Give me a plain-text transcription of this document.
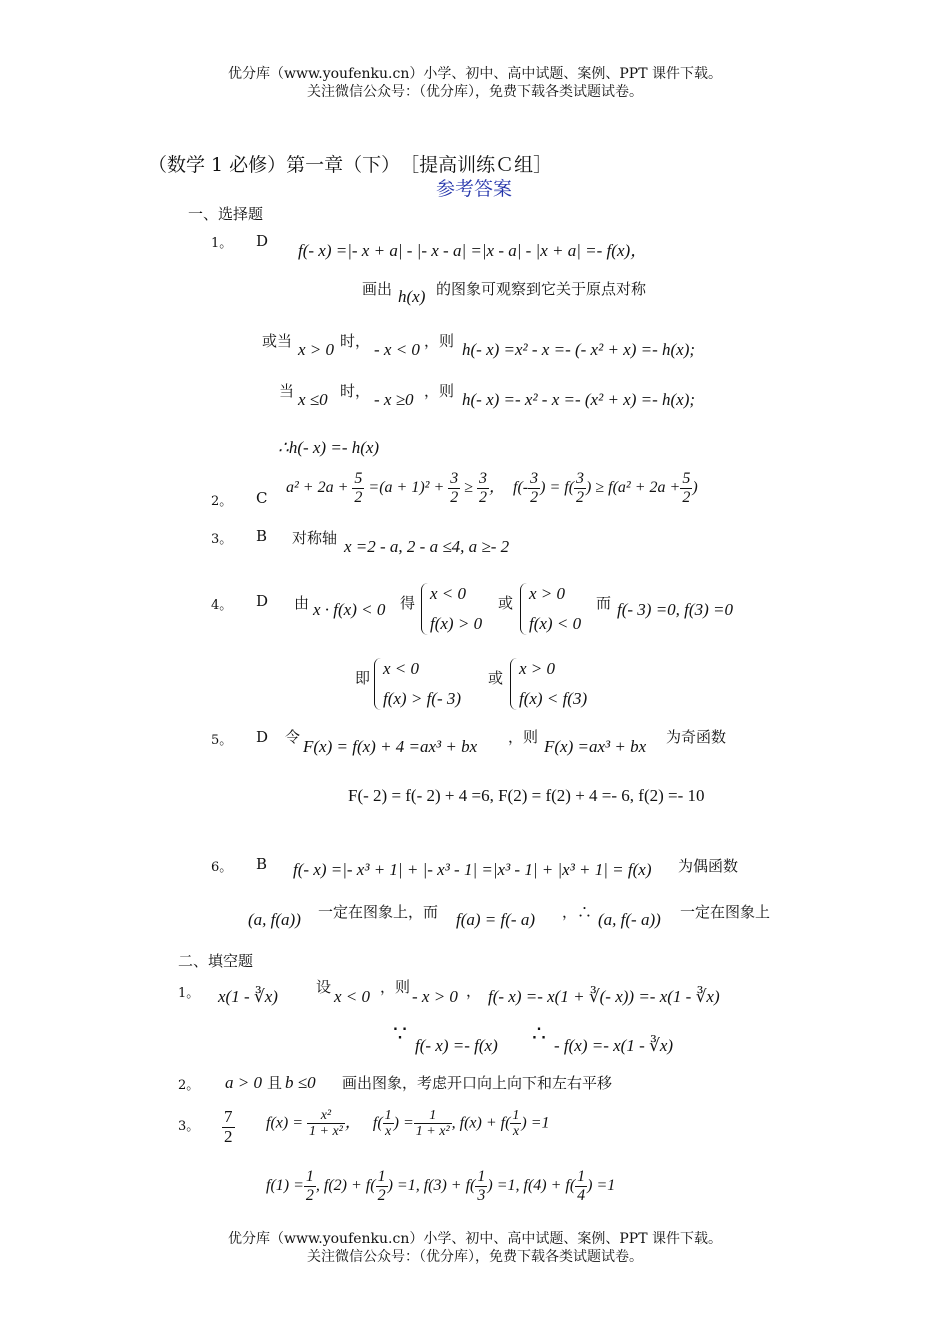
优分库（www.youfenku.cn）小学、初中、高中试题、案例、PPT 课件下载。
关注微信公众号：（优分库），免费下载各类试题试卷。
（数学 1 必修）第一章（下）　［提高训练Ｃ组］
参考答案
一、选择题
1。 D f(- x) =|- x + a| - |- x - a| =|x - a| - |x + a| =- f(x)，
画出 h(x) 的图象可观察到它关于原点对称
或当 x > 0 时， - x < 0 ，则 h(- x) =x² - x =- (- x² + x) =- h(x);
当 x ≤0 时， - x ≥0 ，则 h(- x) =- x² - x =- (x² + x) =- h(x);
∴h(- x) =- h(x)
2。 C
$a^2 + 2a + \frac{5}{2} =(a + 1)^2 + \frac{3}{2} \ge \frac{3}{2}$ ， $f(- \frac{3}{2}$ ) = $f( \frac{3}{2}$ ) ≥ $f(a^2 + 2a + \frac{5}{2}$ )
3。 B 对称轴 x =2 - a, 2 - a ≤4, a ≥- 2
4。 D 由 x · f(x) < 0 得 x < 0
f(x) > 0
或 x > 0
f(x) < 0
而 f(- 3) =0, f(3) =0
即 x < 0
f(x) > f(- 3)
或 x > 0
f(x) < f(3)
5。 D 令 F(x) = f(x) + 4 =ax³ + bx ，则 F(x) =ax³ + bx 为奇函数
F(- 2) = f(- 2) + 4 =6, F(2) = f(2) + 4 =- 6, f(2) =- 10
6。 B f(- x) =|- x³ + 1| + |- x³ - 1| =|x³ - 1| + |x³ + 1| = f(x) 为偶函数
(a, f(a)) 一定在图象上，而 f(a) = f(- a) ，∴ (a, f(- a)) 一定在图象上
二、填空题
1。 x(1 - ∛x)	设 x < 0 ，则 - x > 0 ， f(- x) =- x(1 + ∛(- x)) =- x(1 - ∛x)
∵ f(- x) =- f(x) ∴ - f(x) =- x(1 - ∛x)
2。 a > 0 且 b ≤0 画出图象，考虑开口向上向下和左右平移
3。 $\frac{7}{2} f(x) = \frac{\text{x²}}{\text{1 + x²}}$ ， $f( \frac{1}{x}$ ) = $\frac{1}{\text{1 + x²}}$ , $f(x) + f( \frac{1}{x}$ ) =1
$f(1) = \frac{1}{2}$ , $f(2) + f( \frac{1}{2}$ ) =1, $f(3) + f( \frac{1}{3}$ ) =1, $f(4) + f( \frac{1}{4}$ ) =1
优分库（www.youfenku.cn）小学、初中、高中试题、案例、PPT 课件下载。
关注微信公众号：（优分库），免费下载各类试题试卷。
